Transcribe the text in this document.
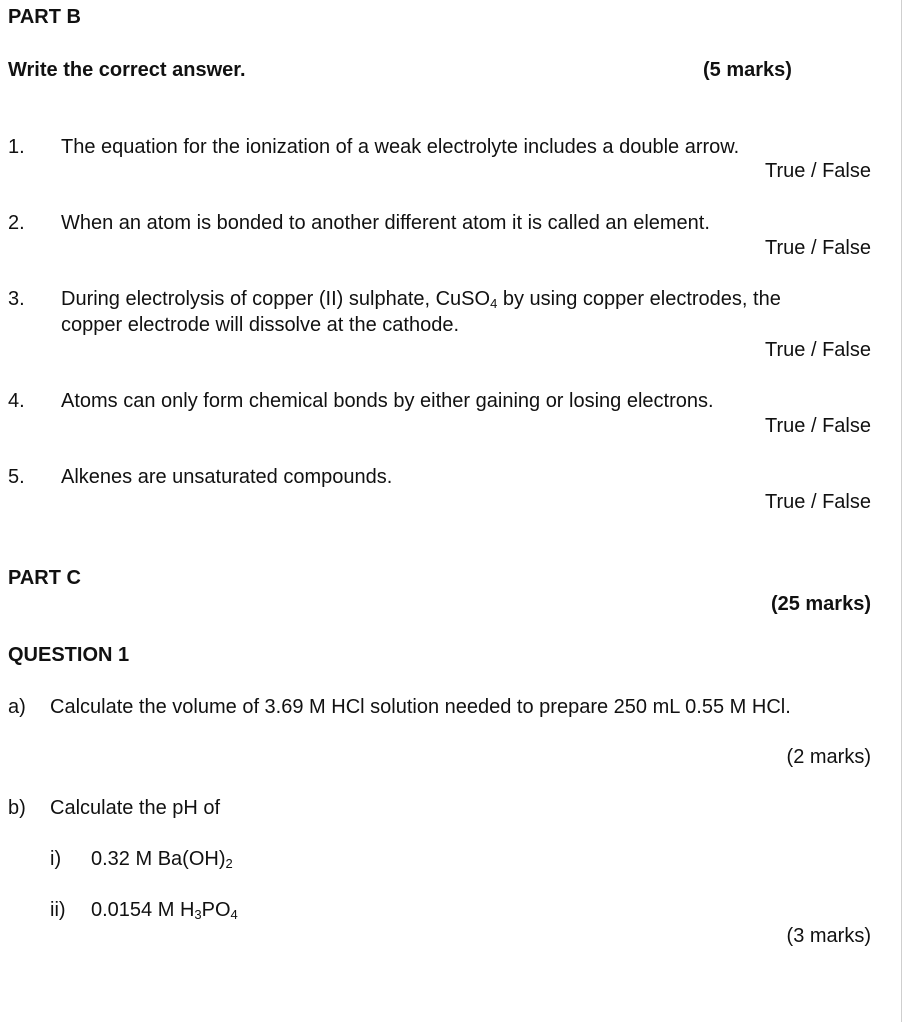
PART B
Write the correct answer.	(5 marks)
1. The equation for the ionization of a weak electrolyte includes a double arrow.
True / False
2. When an atom is bonded to another different atom it is called an element.
True / False
3. During electrolysis of copper (II) sulphate, CuSO$_4$ by using copper electrodes, the
copper electrode will dissolve at the cathode.
True / False
4. Atoms can only form chemical bonds by either gaining or losing electrons.
True / False
5. Alkenes are unsaturated compounds.
True / False
PART C
(25 marks)
QUESTION 1
a) Calculate the volume of 3.69 M HCl solution needed to prepare 250 mL 0.55 M HCl.
(2 marks)
b) Calculate the pH of
i) 0.32 M $Ba(OH)_2$
ii) 0.0154 M $H_3PO_4$
(3 marks)
